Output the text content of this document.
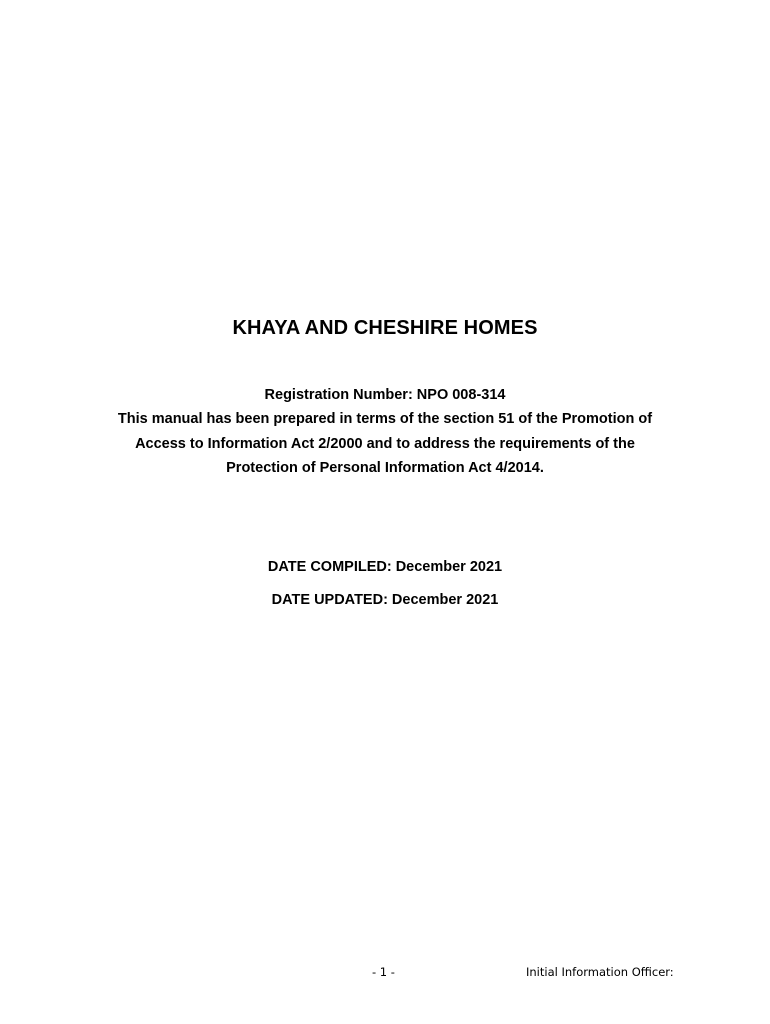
KHAYA AND CHESHIRE HOMES
Registration Number: NPO 008-314
This manual has been prepared in terms of the section 51 of the Promotion of
Access to Information Act 2/2000 and to address the requirements of the
Protection of Personal Information Act 4/2014.
DATE COMPILED: December 2021
DATE UPDATED: December 2021
- 1 -	Initial Information Officer:
